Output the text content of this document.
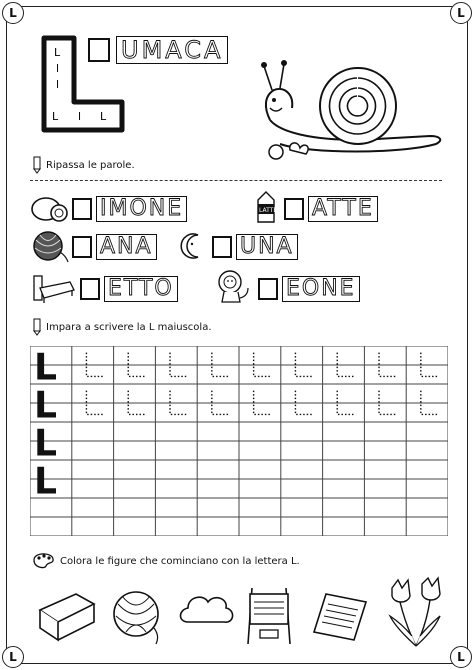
L	L
L	L
L
l
l
L l L
UMACA
Ripassa le parole.
IMONE	LATTE ATTE
ANA	UNA
ETTO	EONE
Impara a scrivere la L maiuscola.
L
L
L
L
Colora le figure che cominciano con la lettera L.
